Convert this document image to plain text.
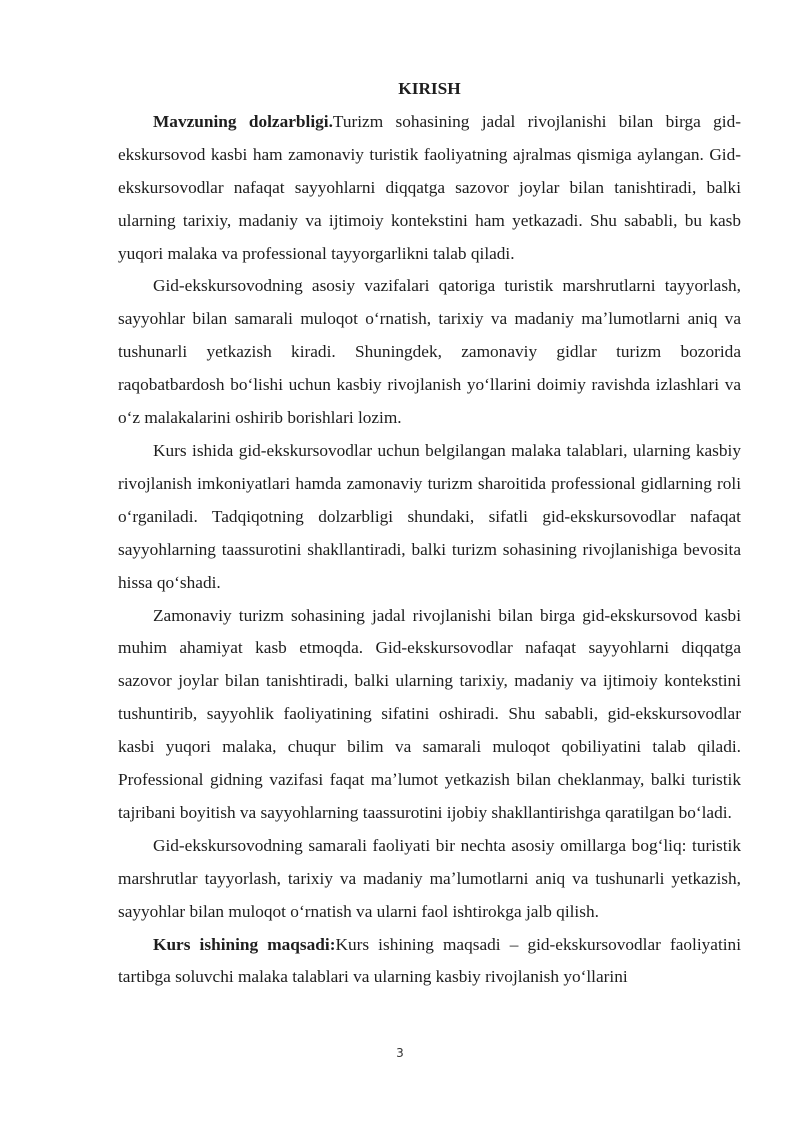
KIRISH

Mavzuning dolzarbligi.Turizm sohasining jadal rivojlanishi bilan birga gid-ekskursovod kasbi ham zamonaviy turistik faoliyatning ajralmas qismiga aylangan. Gid-ekskursovodlar nafaqat sayyohlarni diqqatga sazovor joylar bilan tanishtiradi, balki ularning tarixiy, madaniy va ijtimoiy kontekstini ham yetkazadi. Shu sababli, bu kasb yuqori malaka va professional tayyorgarlikni talab qiladi.

Gid-ekskursovodning asosiy vazifalari qatoriga turistik marshrutlarni tayyorlash, sayyohlar bilan samarali muloqot oʻrnatish, tarixiy va madaniy maʼlumotlarni aniq va tushunarli yetkazish kiradi. Shuningdek, zamonaviy gidlar turizm bozorida raqobatbardosh boʻlishi uchun kasbiy rivojlanish yoʻllarini doimiy ravishda izlashlari va oʻz malakalarini oshirib borishlari lozim.

Kurs ishida gid-ekskursovodlar uchun belgilangan malaka talablari, ularning kasbiy rivojlanish imkoniyatlari hamda zamonaviy turizm sharoitida professional gidlarning roli oʻrganiladi. Tadqiqotning dolzarbligi shundaki, sifatli gid-ekskursovodlar nafaqat sayyohlarning taassurotini shakllantiradi, balki turizm sohasining rivojlanishiga bevosita hissa qoʻshadi.

Zamonaviy turizm sohasining jadal rivojlanishi bilan birga gid-ekskursovod kasbi muhim ahamiyat kasb etmoqda. Gid-ekskursovodlar nafaqat sayyohlarni diqqatga sazovor joylar bilan tanishtiradi, balki ularning tarixiy, madaniy va ijtimoiy kontekstini tushuntirib, sayyohlik faoliyatining sifatini oshiradi. Shu sababli, gid-ekskursovodlar kasbi yuqori malaka, chuqur bilim va samarali muloqot qobiliyatini talab qiladi. Professional gidning vazifasi faqat maʼlumot yetkazish bilan cheklanmay, balki turistik tajribani boyitish va sayyohlarning taassurotini ijobiy shakllantirishga qaratilgan boʻladi.

Gid-ekskursovodning samarali faoliyati bir nechta asosiy omillarga bogʻliq: turistik marshrutlar tayyorlash, tarixiy va madaniy maʼlumotlarni aniq va tushunarli yetkazish, sayyohlar bilan muloqot oʻrnatish va ularni faol ishtirokga jalb qilish.

Kurs ishining maqsadi:Kurs ishining maqsadi – gid-ekskursovodlar faoliyatini tartibga soluvchi malaka talablari va ularning kasbiy rivojlanish yoʻllarini

3
